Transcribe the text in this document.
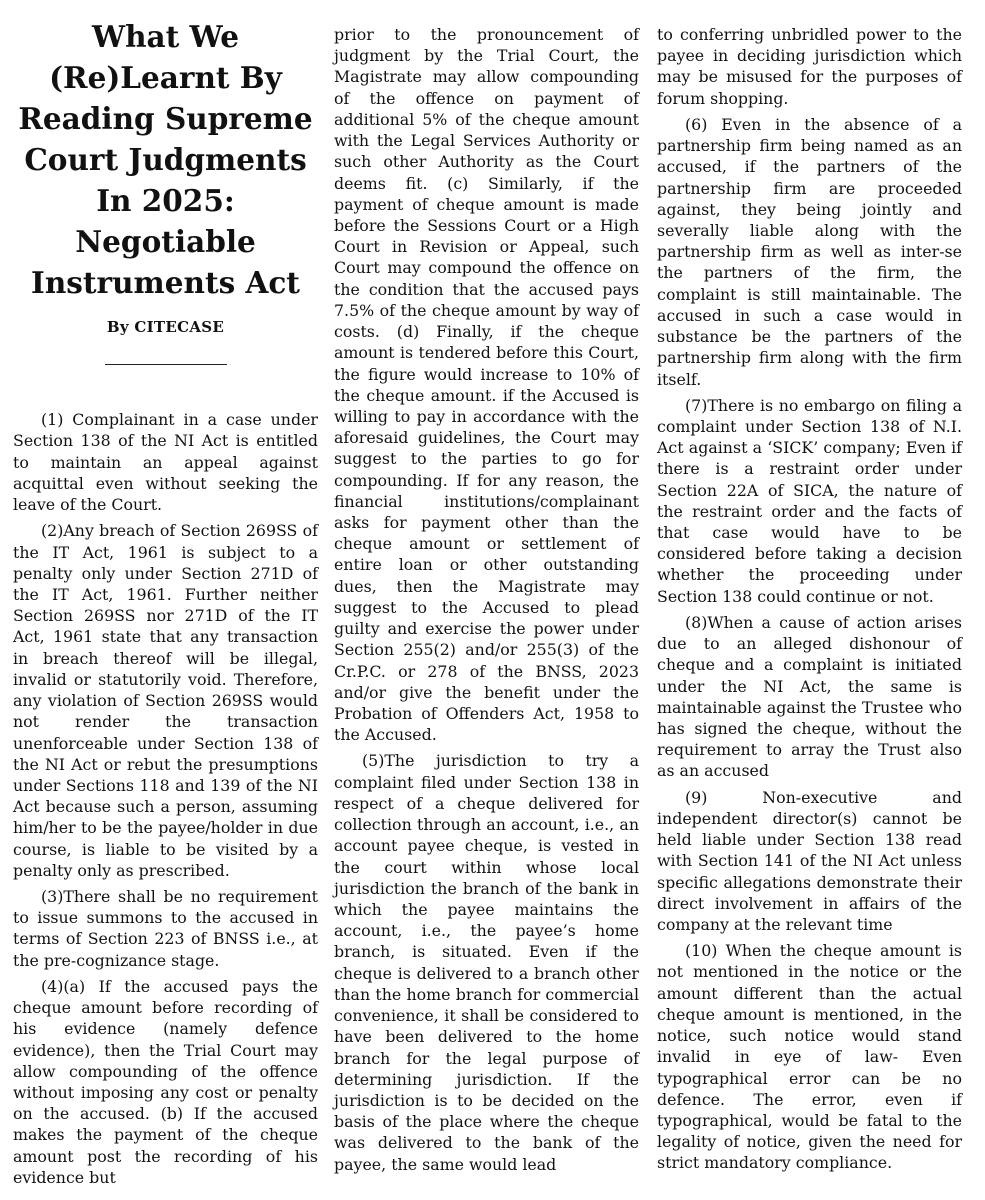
What We (Re)Learnt By Reading Supreme Court Judgments In 2025: Negotiable Instruments Act
By CITECASE

(1) Complainant in a case under Section 138 of the NI Act is entitled to maintain an appeal against acquittal even without seeking the leave of the Court.

(2)Any breach of Section 269SS of the IT Act, 1961 is subject to a penalty only under Section 271D of the IT Act, 1961. Further neither Section 269SS nor 271D of the IT Act, 1961 state that any transaction in breach thereof will be illegal, invalid or statutorily void. Therefore, any violation of Section 269SS would not render the transaction unenforceable under Section 138 of the NI Act or rebut the presumptions under Sections 118 and 139 of the NI Act because such a person, assuming him/her to be the payee/holder in due course, is liable to be visited by a penalty only as prescribed.

(3)There shall be no requirement to issue summons to the accused in terms of Section 223 of BNSS i.e., at the pre-cognizance stage.

(4)(a) If the accused pays the cheque amount before recording of his evidence (namely defence evidence), then the Trial Court may allow compounding of the offence without imposing any cost or penalty on the accused. (b) If the accused makes the payment of the cheque amount post the recording of his evidence but

prior to the pronouncement of judgment by the Trial Court, the Magistrate may allow compounding of the offence on payment of additional 5% of the cheque amount with the Legal Services Authority or such other Authority as the Court deems fit. (c) Similarly, if the payment of cheque amount is made before the Sessions Court or a High Court in Revision or Appeal, such Court may compound the offence on the condition that the accused pays 7.5% of the cheque amount by way of costs. (d) Finally, if the cheque amount is tendered before this Court, the figure would increase to 10% of the cheque amount. if the Accused is willing to pay in accordance with the aforesaid guidelines, the Court may suggest to the parties to go for compounding. If for any reason, the financial institutions/complainant asks for payment other than the cheque amount or settlement of entire loan or other outstanding dues, then the Magistrate may suggest to the Accused to plead guilty and exercise the power under Section 255(2) and/or 255(3) of the Cr.P.C. or 278 of the BNSS, 2023 and/or give the benefit under the Probation of Offenders Act, 1958 to the Accused.

(5)The jurisdiction to try a complaint filed under Section 138 in respect of a cheque delivered for collection through an account, i.e., an account payee cheque, is vested in the court within whose local jurisdiction the branch of the bank in which the payee maintains the account, i.e., the payee’s home branch, is situated. Even if the cheque is delivered to a branch other than the home branch for commercial convenience, it shall be considered to have been delivered to the home branch for the legal purpose of determining jurisdiction. If the jurisdiction is to be decided on the basis of the place where the cheque was delivered to the bank of the payee, the same would lead

to conferring unbridled power to the payee in deciding jurisdiction which may be misused for the purposes of forum shopping.

(6) Even in the absence of a partnership firm being named as an accused, if the partners of the partnership firm are proceeded against, they being jointly and severally liable along with the partnership firm as well as inter-se the partners of the firm, the complaint is still maintainable. The accused in such a case would in substance be the partners of the partnership firm along with the firm itself.

(7)There is no embargo on filing a complaint under Section 138 of N.I. Act against a ‘SICK’ company; Even if there is a restraint order under Section 22A of SICA, the nature of the restraint order and the facts of that case would have to be considered before taking a decision whether the proceeding under Section 138 could continue or not.

(8)When a cause of action arises due to an alleged dishonour of cheque and a complaint is initiated under the NI Act, the same is maintainable against the Trustee who has signed the cheque, without the requirement to array the Trust also as an accused

(9) Non-executive and independent director(s) cannot be held liable under Section 138 read with Section 141 of the NI Act unless specific allegations demonstrate their direct involvement in affairs of the company at the relevant time

(10) When the cheque amount is not mentioned in the notice or the amount different than the actual cheque amount is mentioned, in the notice, such notice would stand invalid in eye of law- Even typographical error can be no defence. The error, even if typographical, would be fatal to the legality of notice, given the need for strict mandatory compliance.
